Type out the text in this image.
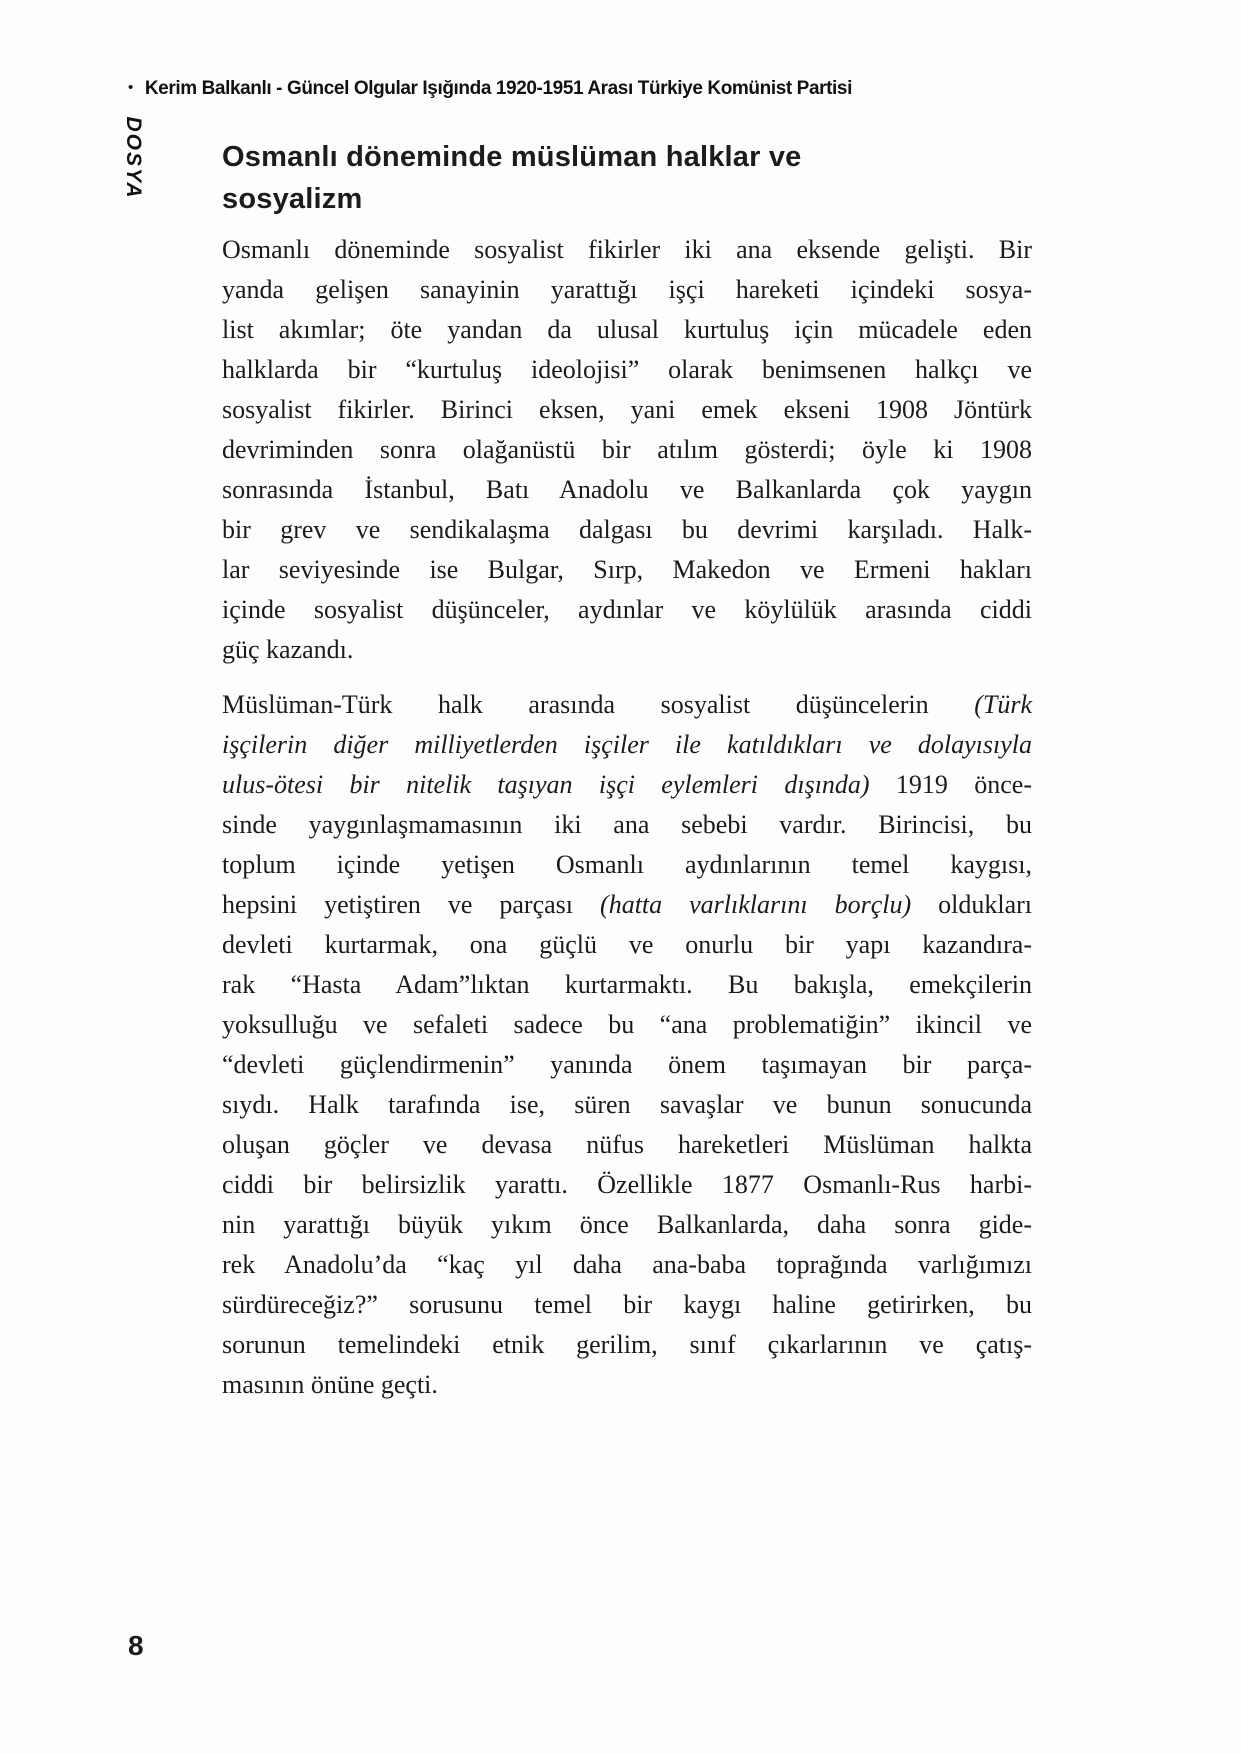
• Kerim Balkanlı - Güncel Olgular Işığında 1920-1951 Arası Türkiye Komünist Partisi
DOSYA	Osmanlı döneminde müslüman halklar ve
sosyalizm
Osmanlı döneminde sosyalist fikirler iki ana eksende gelişti. Bir
yanda gelişen sanayinin yarattığı işçi hareketi içindeki sosya-
list akımlar; öte yandan da ulusal kurtuluş için mücadele eden
halklarda bir “kurtuluş ideolojisi” olarak benimsenen halkçı ve
sosyalist fikirler. Birinci eksen, yani emek ekseni 1908 Jöntürk
devriminden sonra olağanüstü bir atılım gösterdi; öyle ki 1908
sonrasında İstanbul, Batı Anadolu ve Balkanlarda çok yaygın
bir grev ve sendikalaşma dalgası bu devrimi karşıladı. Halk-
lar seviyesinde ise Bulgar, Sırp, Makedon ve Ermeni hakları
içinde sosyalist düşünceler, aydınlar ve köylülük arasında ciddi
güç kazandı.
Müslüman-Türk halk arasında sosyalist düşüncelerin (Türk
işçilerin diğer milliyetlerden işçiler ile katıldıkları ve dolayısıyla
ulus-ötesi bir nitelik taşıyan işçi eylemleri dışında) 1919 önce-
sinde yaygınlaşmamasının iki ana sebebi vardır. Birincisi, bu
toplum içinde yetişen Osmanlı aydınlarının temel kaygısı,
hepsini yetiştiren ve parçası (hatta varlıklarını borçlu) oldukları
devleti kurtarmak, ona güçlü ve onurlu bir yapı kazandıra-
rak “Hasta Adam”lıktan kurtarmaktı. Bu bakışla, emekçilerin
yoksulluğu ve sefaleti sadece bu “ana problematiğin” ikincil ve
“devleti güçlendirmenin” yanında önem taşımayan bir parça-
sıydı. Halk tarafında ise, süren savaşlar ve bunun sonucunda
oluşan göçler ve devasa nüfus hareketleri Müslüman halkta
ciddi bir belirsizlik yarattı. Özellikle 1877 Osmanlı-Rus harbi-
nin yarattığı büyük yıkım önce Balkanlarda, daha sonra gide-
rek Anadolu’da “kaç yıl daha ana-baba toprağında varlığımızı
sürdüreceğiz?” sorusunu temel bir kaygı haline getirirken, bu
sorunun temelindeki etnik gerilim, sınıf çıkarlarının ve çatış-
masının önüne geçti.
8
